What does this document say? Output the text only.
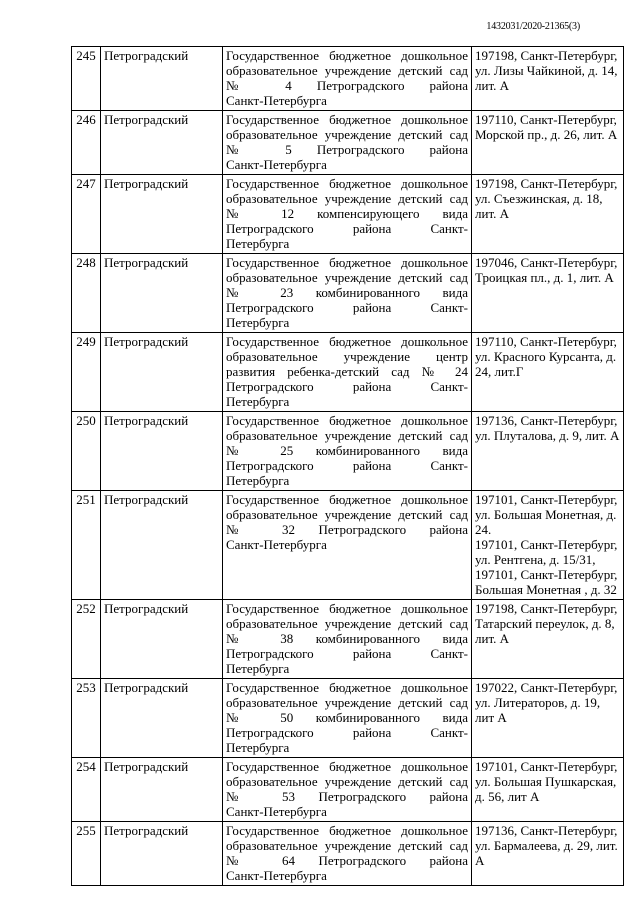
1432031/2020-21365(3)
245	Петроградский	Государственное бюджетное дошкольное
образовательное учреждение детский сад
№ 4 Петроградского района
Санкт-Петербурга	197198, Санкт-Петербург, ул. Лизы Чайкиной, д. 14, лит. А

246	Петроградский	Государственное бюджетное дошкольное
образовательное учреждение детский сад
№ 5 Петроградского района
Санкт-Петербурга	197110, Санкт-Петербург, Морской пр., д. 26, лит. А

247	Петроградский	Государственное бюджетное дошкольное
образовательное учреждение детский сад
№ 12 компенсирующего вида
Петроградского района Санкт-
Петербурга	197198, Санкт-Петербург, ул. Съезжинская, д. 18, лит. А

248	Петроградский	Государственное бюджетное дошкольное
образовательное учреждение детский сад
№ 23 комбинированного вида
Петроградского района Санкт-
Петербурга	197046, Санкт-Петербург, Троицкая пл., д. 1, лит. А

249	Петроградский	Государственное бюджетное дошкольное
образовательное учреждение центр
развития ребенка-детский сад № 24
Петроградского района Санкт-
Петербурга	197110, Санкт-Петербург, ул. Красного Курсанта, д. 24, лит.Г

250	Петроградский	Государственное бюджетное дошкольное
образовательное учреждение детский сад
№ 25 комбинированного вида
Петроградского района Санкт-
Петербурга	197136, Санкт-Петербург, ул. Плуталова, д. 9, лит. А

251	Петроградский	Государственное бюджетное дошкольное
образовательное учреждение детский сад
№ 32 Петроградского района
Санкт-Петербурга	197101, Санкт-Петербург, ул. Большая Монетная, д. 24.
197101, Санкт-Петербург, ул. Рентгена, д. 15/31,
197101, Санкт-Петербург, Большая Монетная , д. 32

252	Петроградский	Государственное бюджетное дошкольное
образовательное учреждение детский сад
№ 38 комбинированного вида
Петроградского района Санкт-
Петербурга	197198, Санкт-Петербург, Татарский переулок, д. 8, лит. А

253	Петроградский	Государственное бюджетное дошкольное
образовательное учреждение детский сад
№ 50 комбинированного вида
Петроградского района Санкт-
Петербурга	197022, Санкт-Петербург, ул. Литераторов, д. 19, лит А

254	Петроградский	Государственное бюджетное дошкольное
образовательное учреждение детский сад
№ 53 Петроградского района
Санкт-Петербурга	197101, Санкт-Петербург, ул. Большая Пушкарская, д. 56, лит А

255	Петроградский	Государственное бюджетное дошкольное
образовательное учреждение детский сад
№ 64 Петроградского района
Санкт-Петербурга	197136, Санкт-Петербург, ул. Бармалеева, д. 29, лит. А
